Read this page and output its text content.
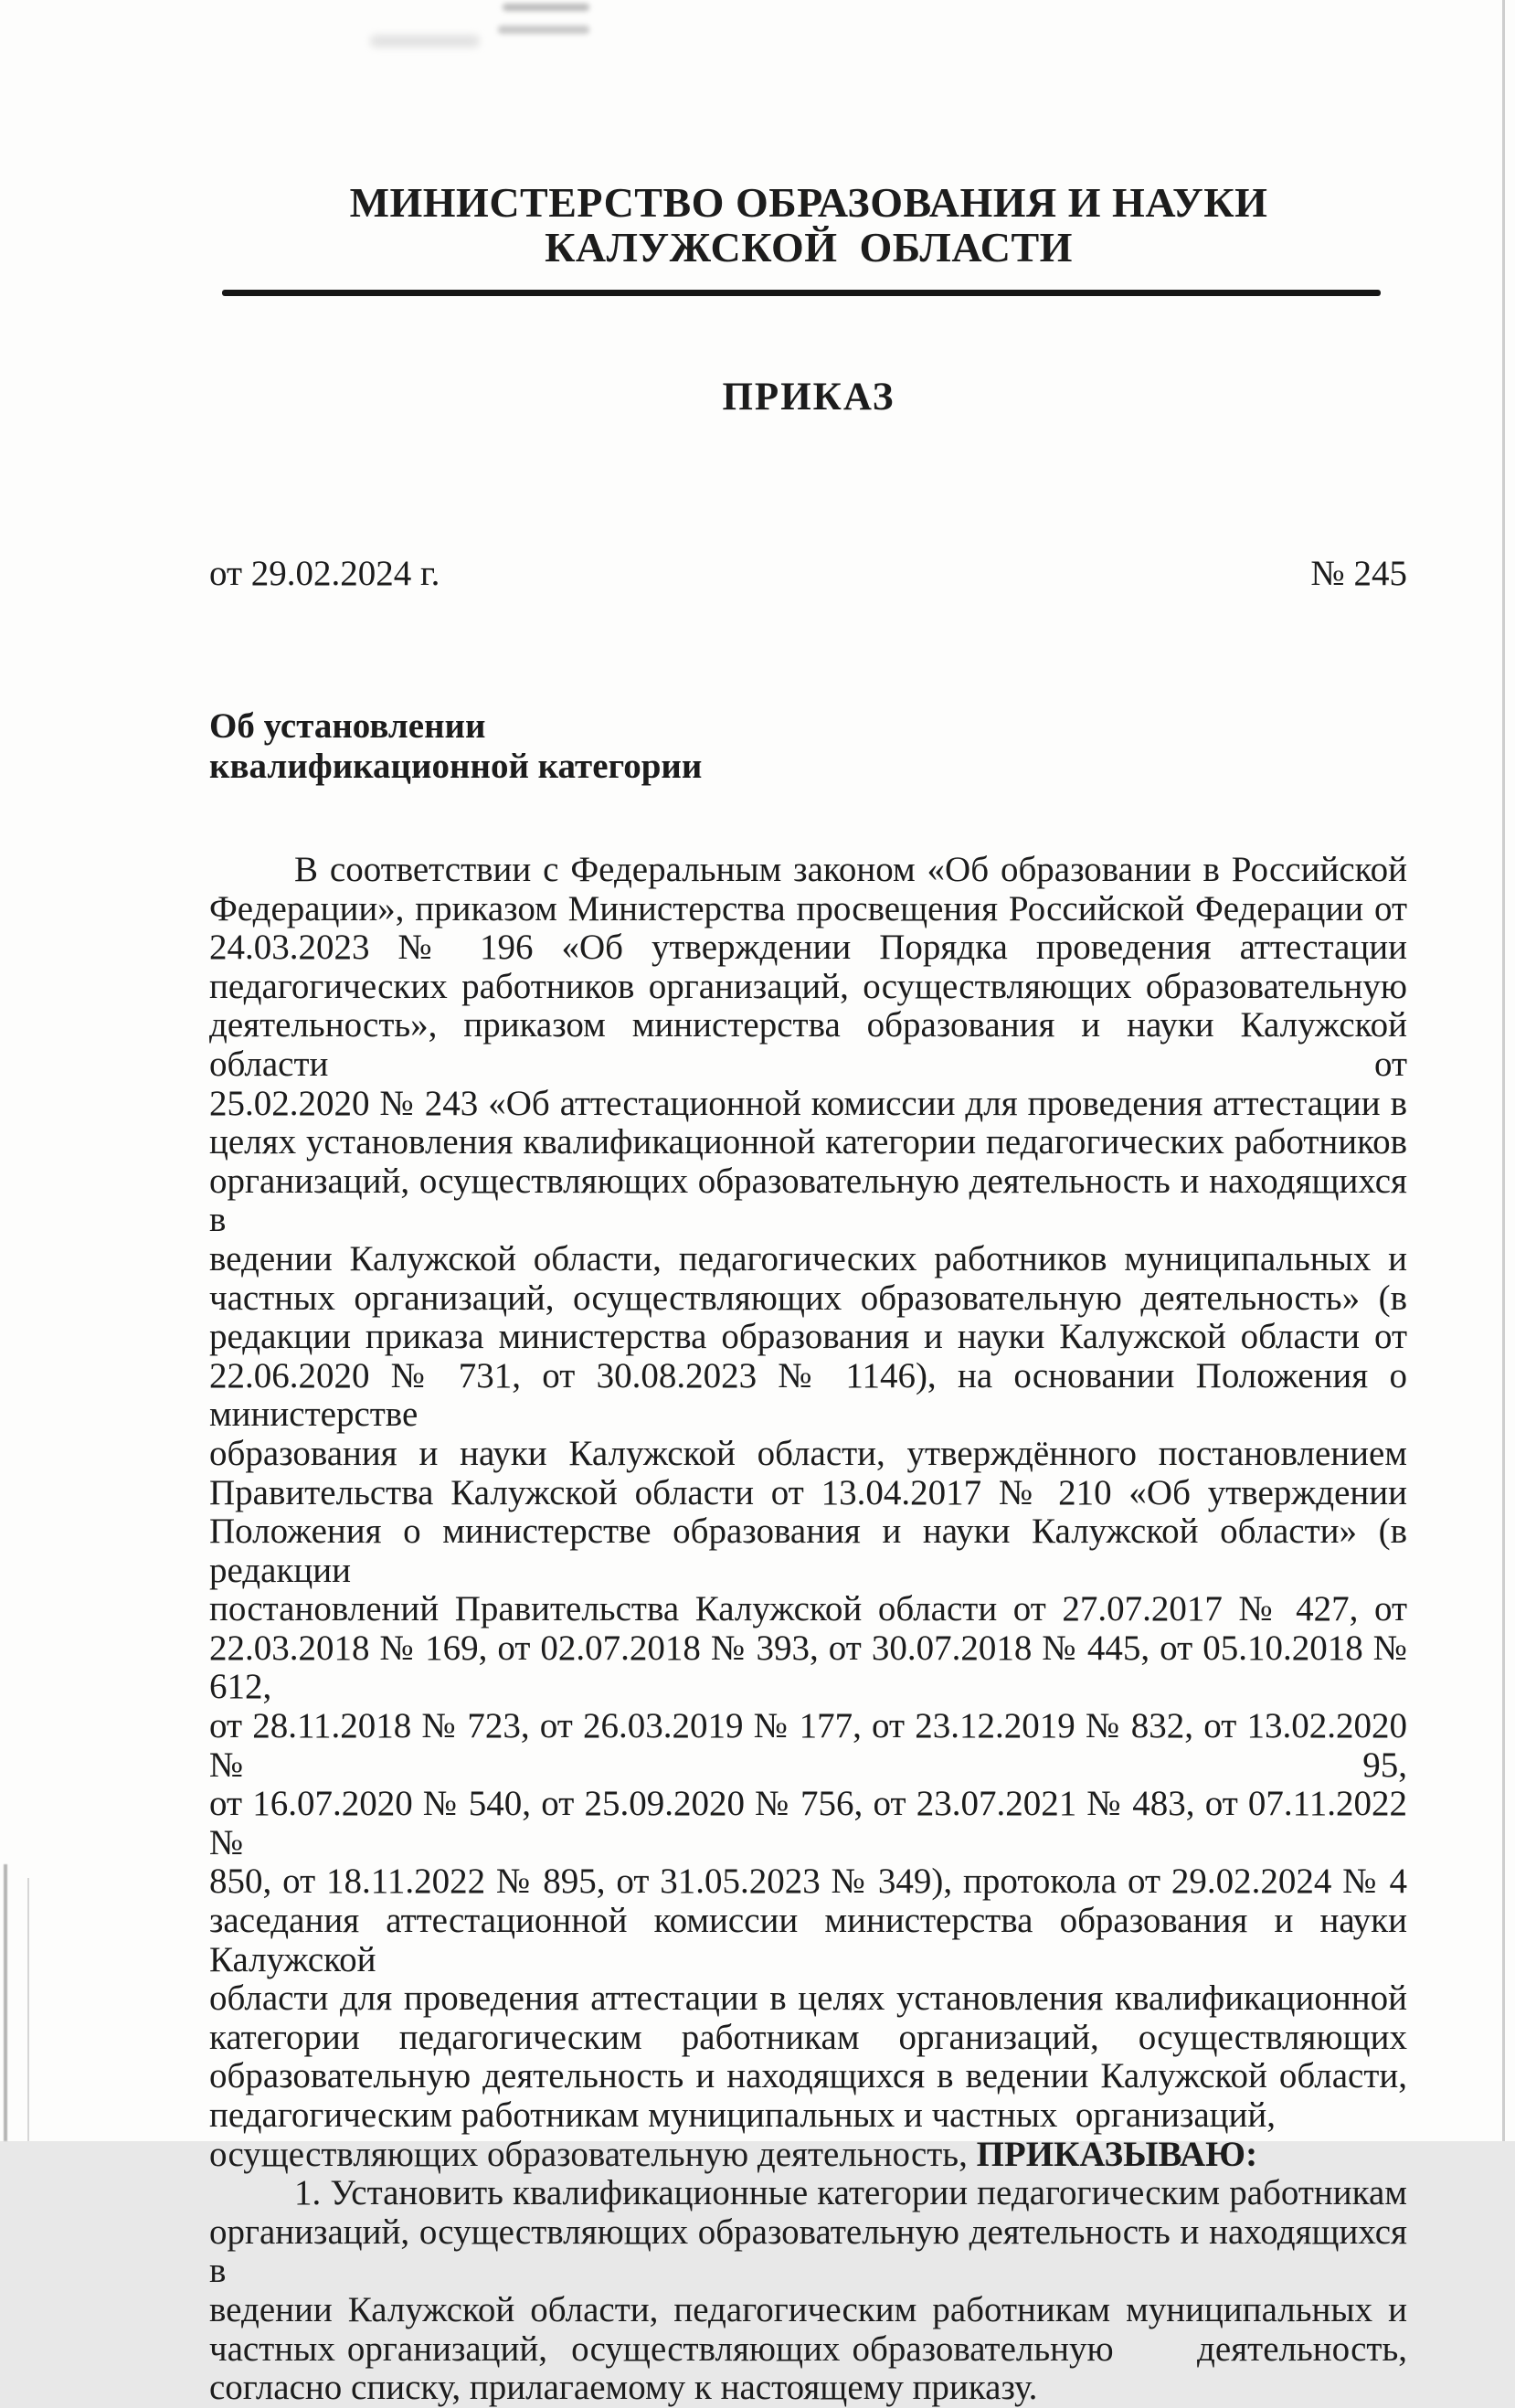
МИНИСТЕРСТВО ОБРАЗОВАНИЯ И НАУКИ
КАЛУЖСКОЙ  ОБЛАСТИ
ПРИКАЗ
от 29.02.2024 г.	№ 245
Об установлении
квалификационной категории
В соответствии с Федеральным законом «Об образовании в Российской
Федерации», приказом Министерства просвещения Российской Федерации от
24.03.2023 № 196 «Об утверждении Порядка проведения аттестации
педагогических работников организаций, осуществляющих образовательную
деятельность», приказом министерства образования и науки Калужской области от
25.02.2020 № 243 «Об аттестационной комиссии для проведения аттестации в
целях установления квалификационной категории педагогических работников
организаций, осуществляющих образовательную деятельность и находящихся в
ведении Калужской области, педагогических работников муниципальных и
частных организаций, осуществляющих образовательную деятельность» (в
редакции приказа министерства образования и науки Калужской области от
22.06.2020 № 731, от 30.08.2023 № 1146), на основании Положения о министерстве
образования и науки Калужской области, утверждённого постановлением
Правительства Калужской области от 13.04.2017 № 210 «Об утверждении
Положения о министерстве образования и науки Калужской области» (в редакции
постановлений Правительства Калужской области от 27.07.2017 № 427, от
22.03.2018 № 169, от 02.07.2018 № 393, от 30.07.2018 № 445, от 05.10.2018 № 612,
от 28.11.2018 № 723, от 26.03.2019 № 177, от 23.12.2019 № 832, от 13.02.2020 № 95,
от 16.07.2020 № 540, от 25.09.2020 № 756, от 23.07.2021 № 483, от 07.11.2022 №
850, от 18.11.2022 № 895, от 31.05.2023 № 349), протокола от 29.02.2024 № 4
заседания аттестационной комиссии министерства образования и науки Калужской
области для проведения аттестации в целях установления квалификационной
категории педагогическим работникам организаций, осуществляющих
образовательную деятельность и находящихся в ведении Калужской области,
педагогическим работникам муниципальных и частных  организаций,
осуществляющих образовательную деятельность, ПРИКАЗЫВАЮ:
1. Установить квалификационные категории педагогическим работникам
организаций, осуществляющих образовательную деятельность и находящихся в
ведении Калужской области, педагогическим работникам муниципальных и
частных организаций,  осуществляющих образовательную       деятельность,
согласно списку, прилагаемому к настоящему приказу.
